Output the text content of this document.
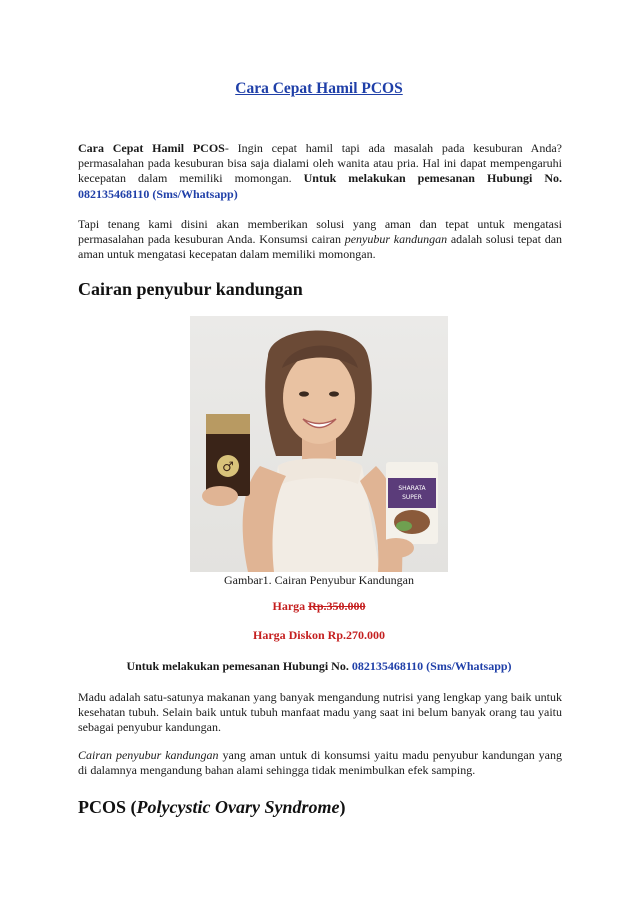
Cara Cepat Hamil PCOS
Cara Cepat Hamil PCOS- Ingin cepat hamil tapi ada masalah pada kesuburan Anda? permasalahan pada kesuburan bisa saja dialami oleh wanita atau pria. Hal ini dapat mempengaruhi kecepatan dalam memiliki momongan. Untuk melakukan pemesanan Hubungi No. 082135468110 (Sms/Whatsapp)
Tapi tenang kami disini akan memberikan solusi yang aman dan tepat untuk mengatasi permasalahan pada kesuburan Anda. Konsumsi cairan penyubur kandungan adalah solusi tepat dan aman untuk mengatasi kecepatan dalam memiliki momongan.
Cairan penyubur kandungan
♂
SHARATA
SUPER
Gambar1. Cairan Penyubur Kandungan
Harga Rp.350.000
Harga Diskon Rp.270.000
Untuk melakukan pemesanan Hubungi No. 082135468110 (Sms/Whatsapp)
Madu adalah satu-satunya makanan yang banyak mengandung nutrisi yang lengkap yang baik untuk kesehatan tubuh. Selain baik untuk tubuh manfaat madu yang saat ini belum banyak orang tau yaitu sebagai penyubur kandungan.
Cairan penyubur kandungan yang aman untuk di konsumsi yaitu madu penyubur kandungan yang di dalamnya mengandung bahan alami sehingga tidak menimbulkan efek samping.
PCOS (Polycystic Ovary Syndrome)
